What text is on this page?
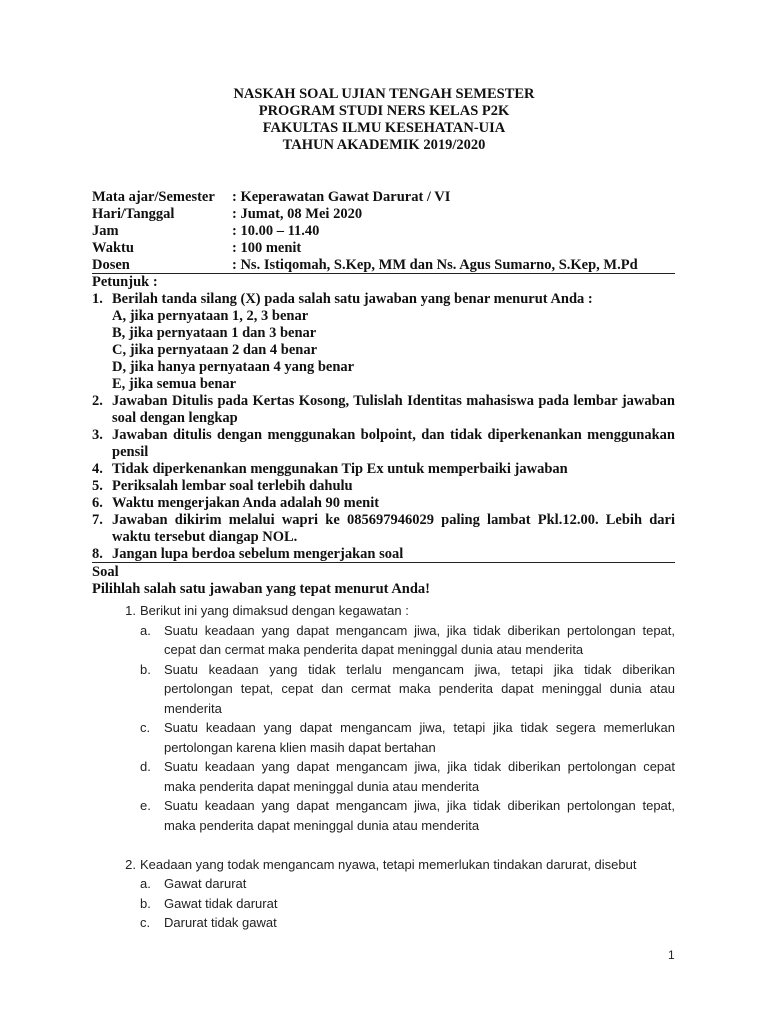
NASKAH SOAL UJIAN TENGAH SEMESTER
PROGRAM STUDI NERS KELAS P2K
FAKULTAS ILMU KESEHATAN-UIA
TAHUN AKADEMIK 2019/2020
Mata ajar/Semester	: Keperawatan Gawat Darurat / VI
Hari/Tanggal	: Jumat, 08 Mei 2020
Jam	: 10.00 – 11.40
Waktu	: 100 menit
Dosen	: Ns. Istiqomah, S.Kep, MM dan Ns. Agus Sumarno, S.Kep, M.Pd
Petunjuk :
1. Berilah tanda silang (X) pada salah satu jawaban yang benar menurut Anda :
A, jika pernyataan 1, 2, 3 benar
B, jika pernyataan 1 dan 3 benar
C, jika pernyataan 2 dan 4 benar
D, jika hanya pernyataan 4 yang benar
E, jika semua benar
2. Jawaban Ditulis pada Kertas Kosong, Tulislah Identitas mahasiswa pada lembar jawaban soal dengan lengkap
3. Jawaban ditulis dengan menggunakan bolpoint, dan tidak diperkenankan menggunakan pensil
4. Tidak diperkenankan menggunakan Tip Ex untuk memperbaiki jawaban
5. Periksalah lembar soal terlebih dahulu
6. Waktu mengerjakan Anda adalah 90 menit
7. Jawaban dikirim melalui wapri ke 085697946029 paling lambat Pkl.12.00. Lebih dari waktu tersebut diangap NOL.
8. Jangan lupa berdoa sebelum mengerjakan soal
Soal
Pilihlah salah satu jawaban yang tepat menurut Anda!
1. Berikut ini yang dimaksud dengan kegawatan :
a.	Suatu keadaan yang dapat mengancam jiwa, jika tidak diberikan pertolongan tepat, cepat dan cermat maka penderita dapat meninggal dunia atau menderita
b.	Suatu keadaan yang tidak terlalu mengancam jiwa, tetapi jika tidak diberikan pertolongan tepat, cepat dan cermat maka penderita dapat meninggal dunia atau menderita
c.	Suatu keadaan yang dapat mengancam jiwa, tetapi jika tidak segera memerlukan pertolongan karena klien masih dapat bertahan
d.	Suatu keadaan yang dapat mengancam jiwa, jika tidak diberikan pertolongan cepat maka penderita dapat meninggal dunia atau menderita
e.	Suatu keadaan yang dapat mengancam jiwa, jika tidak diberikan pertolongan tepat, maka penderita dapat meninggal dunia atau menderita
2. Keadaan yang todak mengancam nyawa, tetapi memerlukan tindakan darurat, disebut
a.	Gawat darurat
b.	Gawat tidak darurat
c.	Darurat tidak gawat
1
